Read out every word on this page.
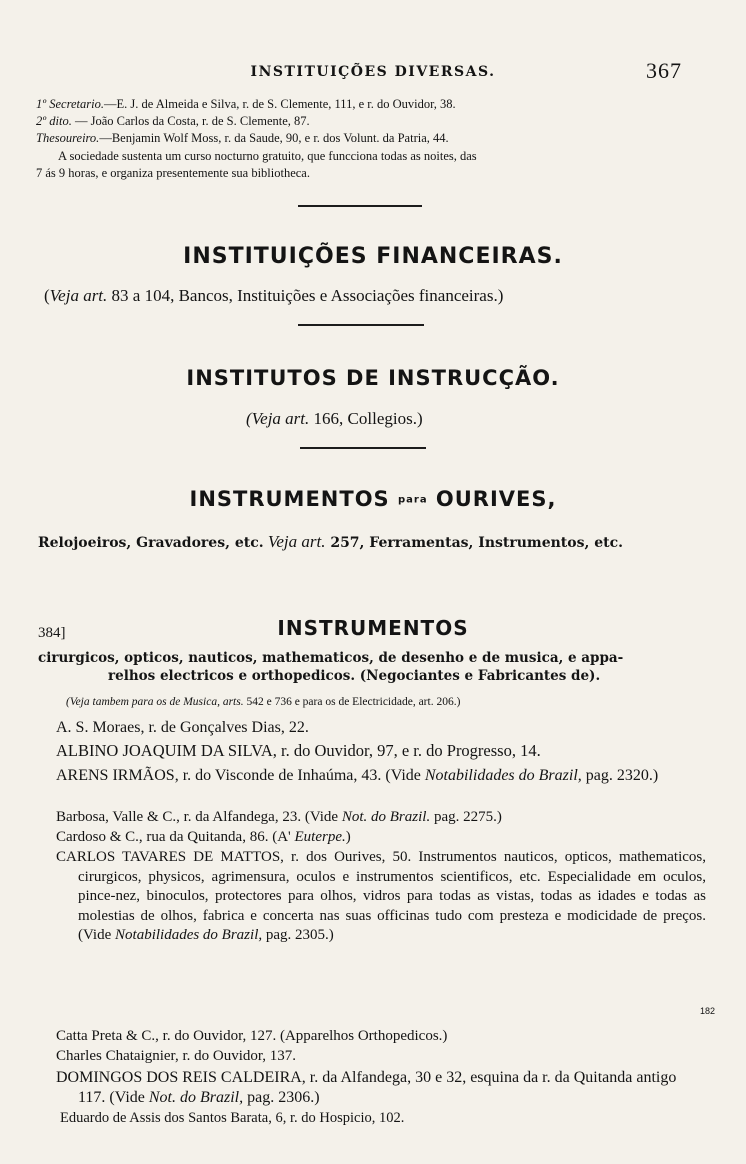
INSTITUIÇÕES DIVERSAS.	367
1º Secretario.—E. J. de Almeida e Silva, r. de S. Clemente, 111, e r. do Ouvidor, 38.
2º dito. — João Carlos da Costa, r. de S. Clemente, 87.
Thesoureiro.—Benjamin Wolf Moss, r. da Saude, 90, e r. dos Volunt. da Patria, 44.
A sociedade sustenta um curso nocturno gratuito, que funcciona todas as noites, das
7 ás 9 horas, e organiza presentemente sua bibliotheca.
INSTITUIÇÕES FINANCEIRAS.
(Veja art. 83 a 104, Bancos, Instituições e Associações financeiras.)
INSTITUTOS DE INSTRUCÇÃO.
(Veja art. 166, Collegios.)
INSTRUMENTOS para OURIVES,
Relojoeiros, Gravadores, etc. Veja art. 257, Ferramentas, Instrumentos, etc.
384]	INSTRUMENTOS
cirurgicos, opticos, nauticos, mathematicos, de desenho e de musica, e appa-
relhos electricos e orthopedicos. (Negociantes e Fabricantes de).
(Veja tambem para os de Musica, arts. 542 e 736 e para os de Electricidade, art. 206.)
A. S. Moraes, r. de Gonçalves Dias, 22.
ALBINO JOAQUIM DA SILVA, r. do Ouvidor, 97, e r. do Progresso, 14.
ARENS IRMÃOS, r. do Visconde de Inhaúma, 43. (Vide Notabilidades do Brazil, pag. 2320.)
Barbosa, Valle & C., r. da Alfandega, 23. (Vide Not. do Brazil. pag. 2275.)
Cardoso & C., rua da Quitanda, 86. (A' Euterpe.)
CARLOS TAVARES DE MATTOS, r. dos Ourives, 50. Instrumentos nauticos, opticos, mathematicos, cirurgicos, physicos, agrimensura, oculos e instrumentos scientificos, etc. Especialidade em oculos, pince-nez, binoculos, protectores para olhos, vidros para todas as vistas, todas as idades e todas as molestias de olhos, fabrica e concerta nas suas officinas tudo com presteza e modicidade de preços. (Vide Notabilidades do Brazil, pag. 2305.)
Catta Preta & C., r. do Ouvidor, 127. (Apparelhos Orthopedicos.)
Charles Chataignier, r. do Ouvidor, 137.
DOMINGOS DOS REIS CALDEIRA, r. da Alfandega, 30 e 32, esquina da r. da Quitanda antigo 117. (Vide Not. do Brazil, pag. 2306.)
Eduardo de Assis dos Santos Barata, 6, r. do Hospicio, 102.
182
